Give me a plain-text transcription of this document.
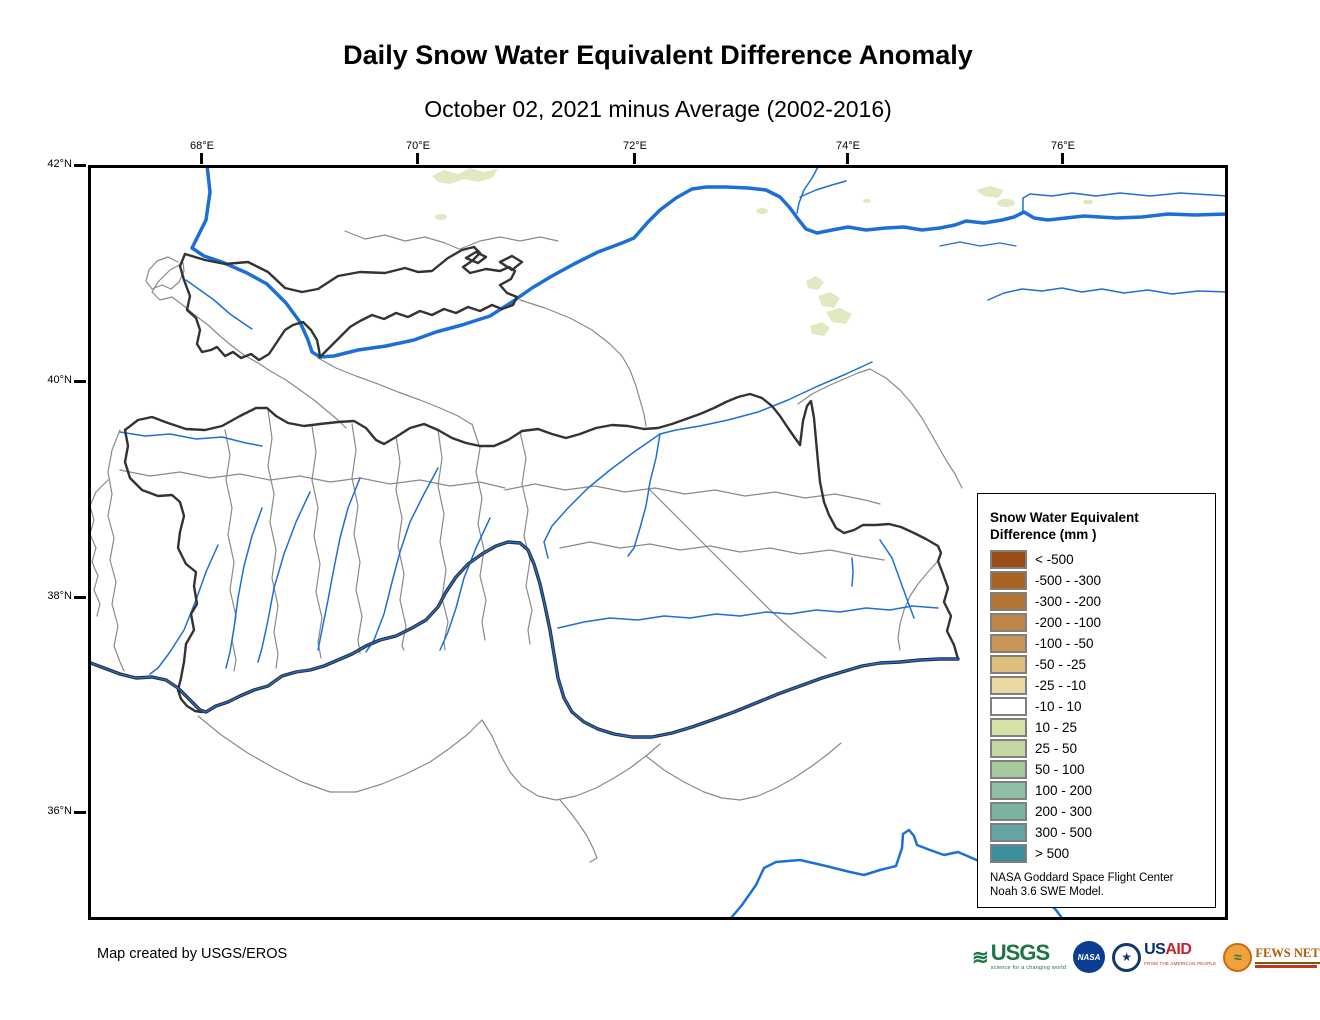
Daily Snow Water Equivalent Difference Anomaly
October 02, 2021 minus Average (2002-2016)
68°E	70°E	72°E	74°E	76°E
42°N
40°N
38°N
36°N
Snow Water Equivalent
Difference (mm )
< -500
-500 - -300
-300 - -200
-200 - -100
-100 - -50
-50 - -25
-25 - -10
-10 - 10
10 - 25
25 - 50
50 - 100
100 - 200
200 - 300
300 - 500
> 500
NASA Goddard Space Flight Center
Noah 3.6 SWE Model.
Map created by USGS/EROS	≋ USGS
science for a changing world
NASA	★ USAID
FROM THE AMERICAN PEOPLE	≈	FEWS NET
